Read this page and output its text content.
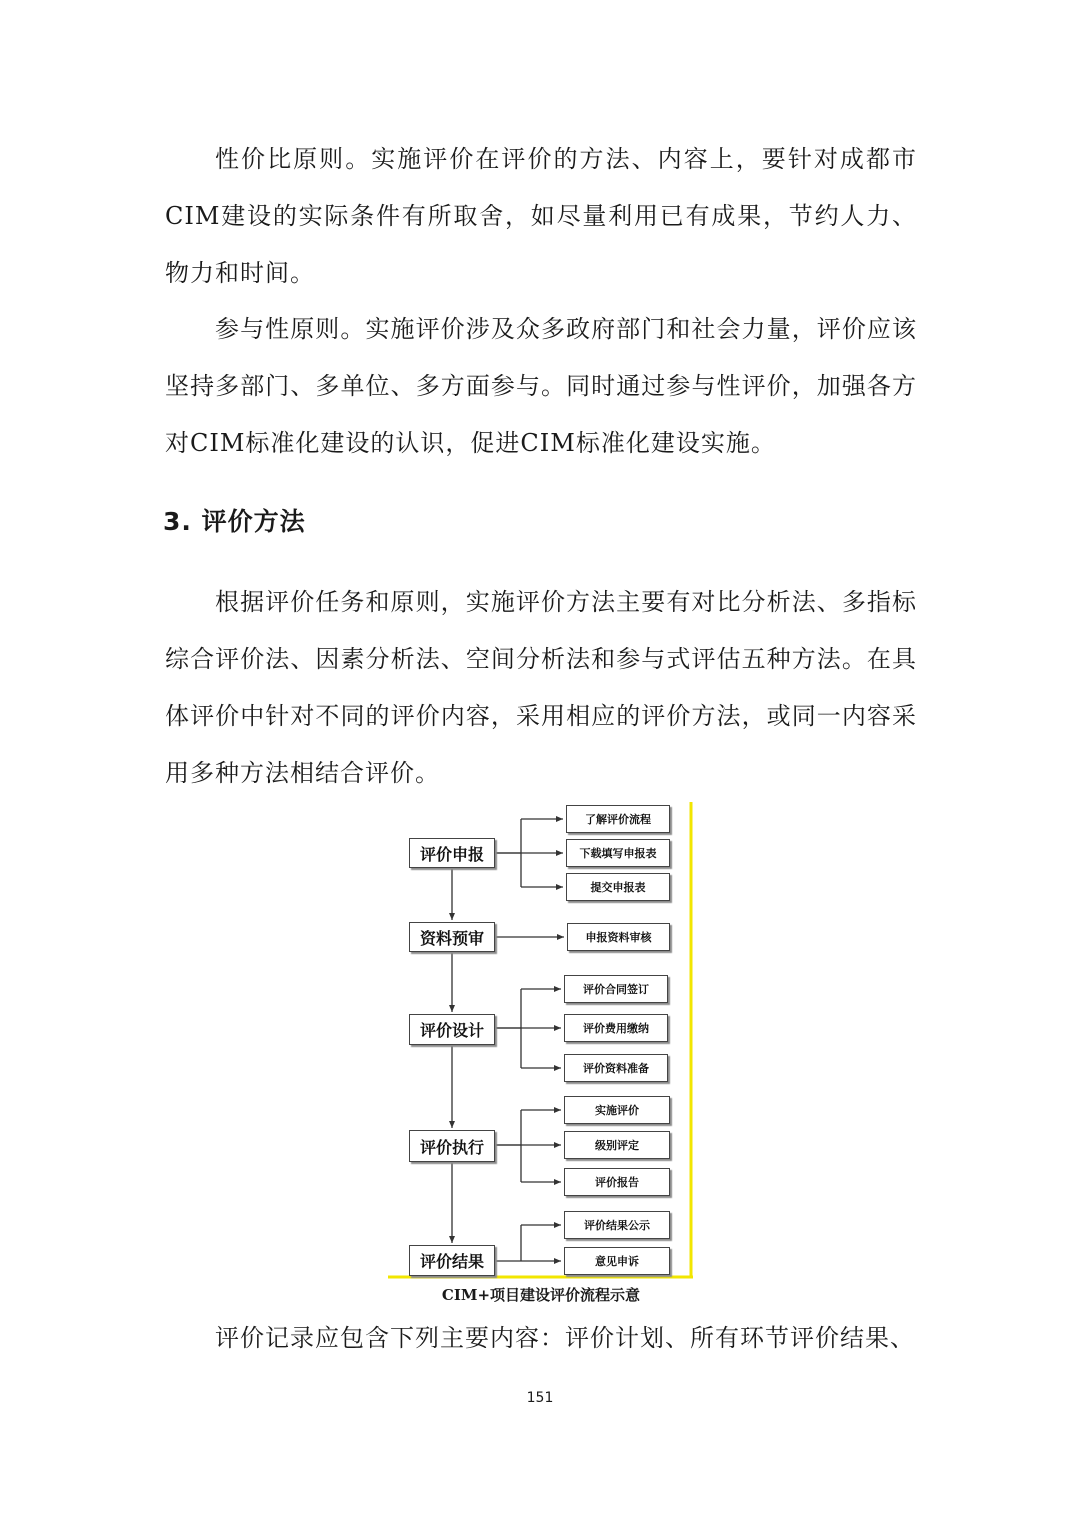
性价比原则。实施评价在评价的方法、内容上，要针对成都市CIM建设的实际条件有所取舍，如尽量利用已有成果，节约人力、物力和时间。

参与性原则。实施评价涉及众多政府部门和社会力量，评价应该坚持多部门、多单位、多方面参与。同时通过参与性评价，加强各方对CIM标准化建设的认识，促进CIM标准化建设实施。

3. 评价方法

根据评价任务和原则，实施评价方法主要有对比分析法、多指标综合评价法、因素分析法、空间分析法和参与式评估五种方法。在具体评价中针对不同的评价内容，采用相应的评价方法，或同一内容采用多种方法相结合评价。

评价申报
资料预审
评价设计
评价执行
评价结果
了解评价流程
下载填写申报表
提交申报表
申报资料审核
评价合同签订
评价费用缴纳
评价资料准备
实施评价
级别评定
评价报告
评价结果公示
意见申诉

CIM+项目建设评价流程示意

评价记录应包含下列主要内容：评价计划、所有环节评价结果、

151
